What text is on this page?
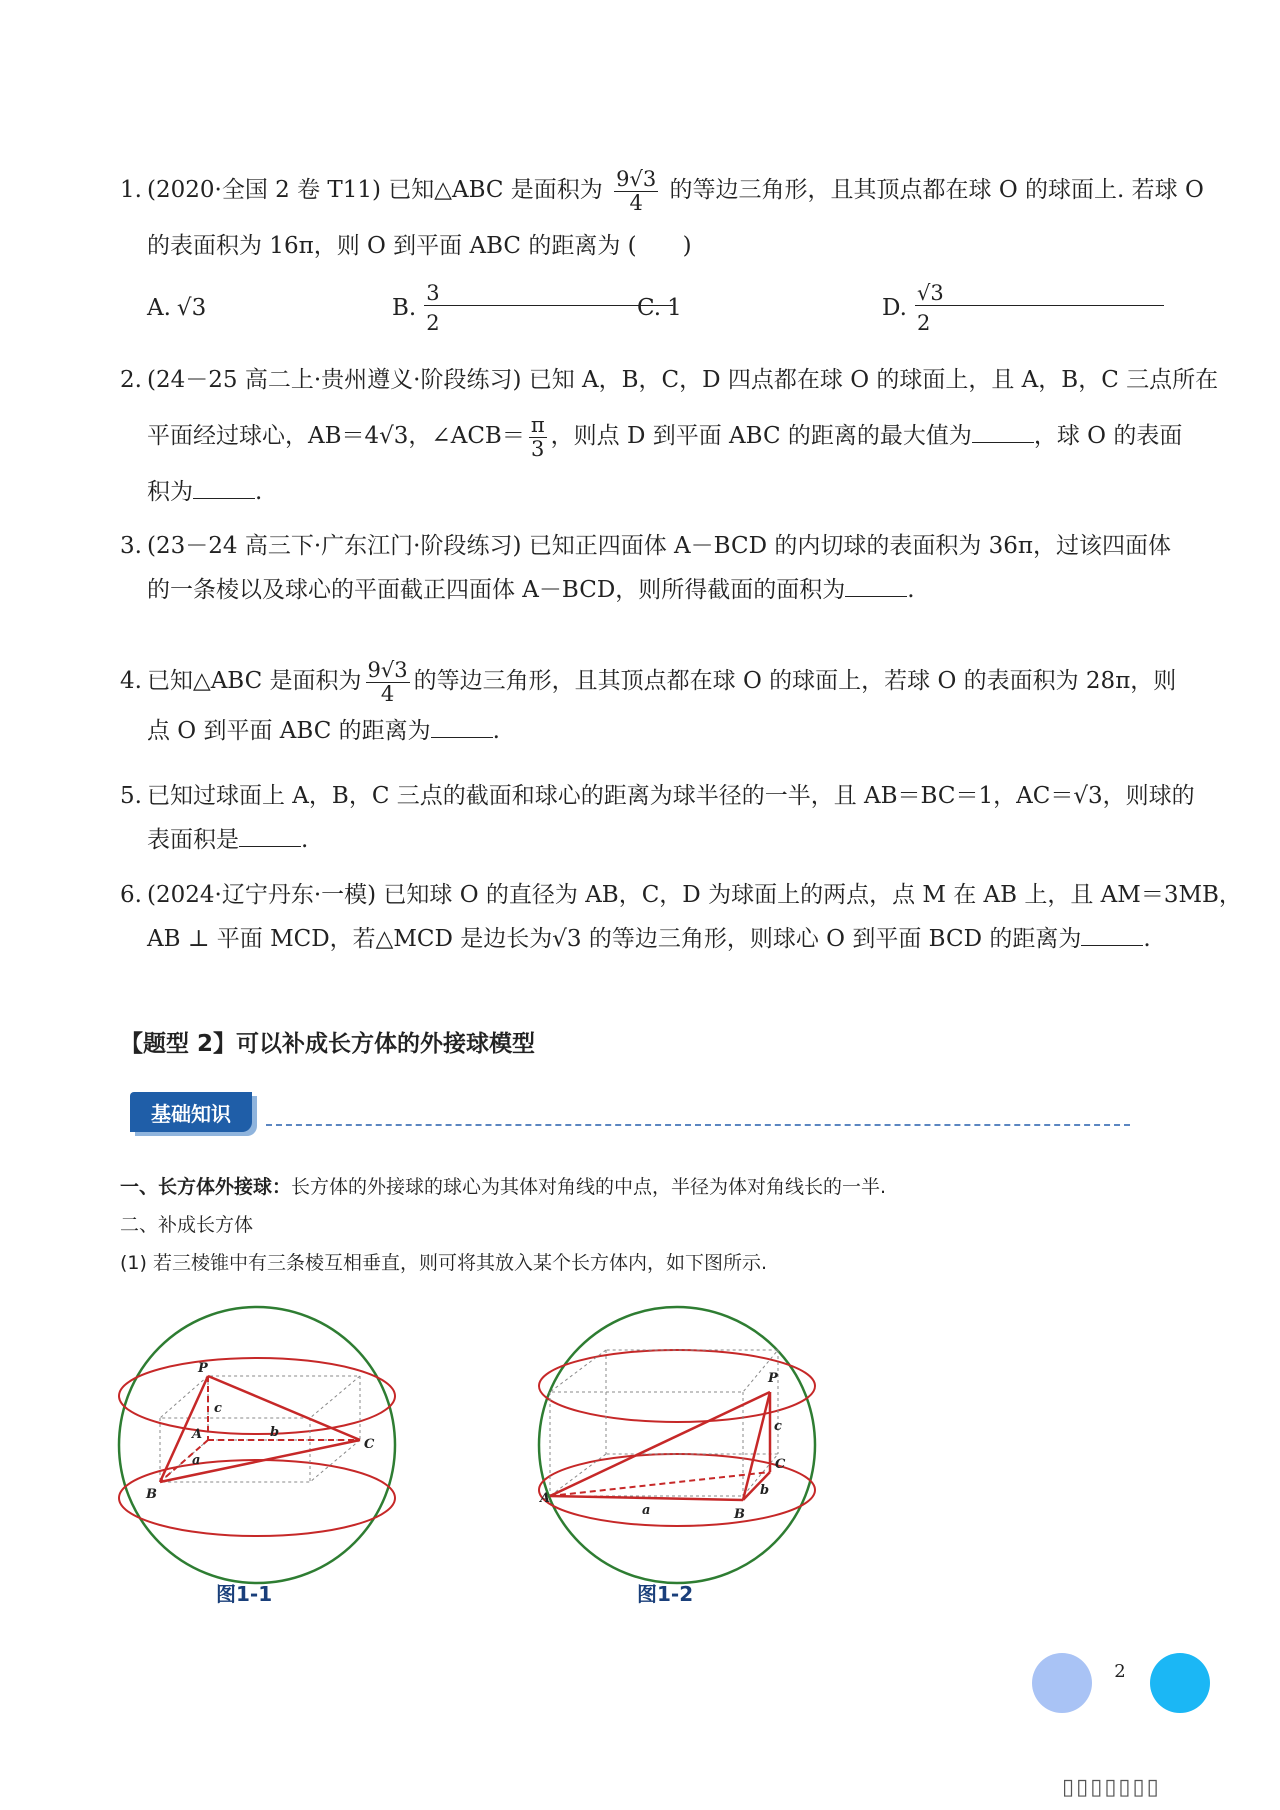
1. (2020·全国 2 卷 T11) 已知△ABC 是面积为 $\frac{9√3}{4}$ 的等边三角形，且其顶点都在球 O 的球面上. 若球 O
的表面积为 16π，则 O 到平面 ABC 的距离为 (　　)
A. √3	B. $\frac{3}{2}$
C. 1	D. $\frac{√3}{2}$
2. (24－25 高二上·贵州遵义·阶段练习) 已知 A，B，C，D 四点都在球 O 的球面上，且 A，B，C 三点所在
平面经过球心，AB＝4√3，∠ACB＝ $\frac{\pi}{3}$ ，则点 D 到平面 ABC 的距离的最大值为	，球 O 的表面
积为	.
3. (23－24 高三下·广东江门·阶段练习) 已知正四面体 A－BCD 的内切球的表面积为 36π，过该四面体
的一条棱以及球心的平面截正四面体 A－BCD，则所得截面的面积为	.
4. 已知△ABC 是面积为 $\frac{9√3}{4}$ 的等边三角形，且其顶点都在球 O 的球面上，若球 O 的表面积为 28π，则
点 O 到平面 ABC 的距离为	.
5. 已知过球面上 A，B，C 三点的截面和球心的距离为球半径的一半，且 AB＝BC＝1，AC＝√3，则球的
表面积是	.
6. (2024·辽宁丹东·一模) 已知球 O 的直径为 AB，C，D 为球面上的两点，点 M 在 AB 上，且 AM＝3MB，
AB ⊥ 平面 MCD，若△MCD 是边长为√3 的等边三角形，则球心 O 到平面 BCD 的距离为	.
【题型 2】可以补成长方体的外接球模型
基础知识
一、长方体外接球：长方体的外接球的球心为其体对角线的中点，半径为体对角线长的一半.
二、补成长方体
(1) 若三棱锥中有三条棱互相垂直，则可将其放入某个长方体内，如下图所示.
P
A
B
C
a
b
c
图1-1
P
A
B
C
a
b
c
图1-2
2
▯▯▯▯▯▯▯
